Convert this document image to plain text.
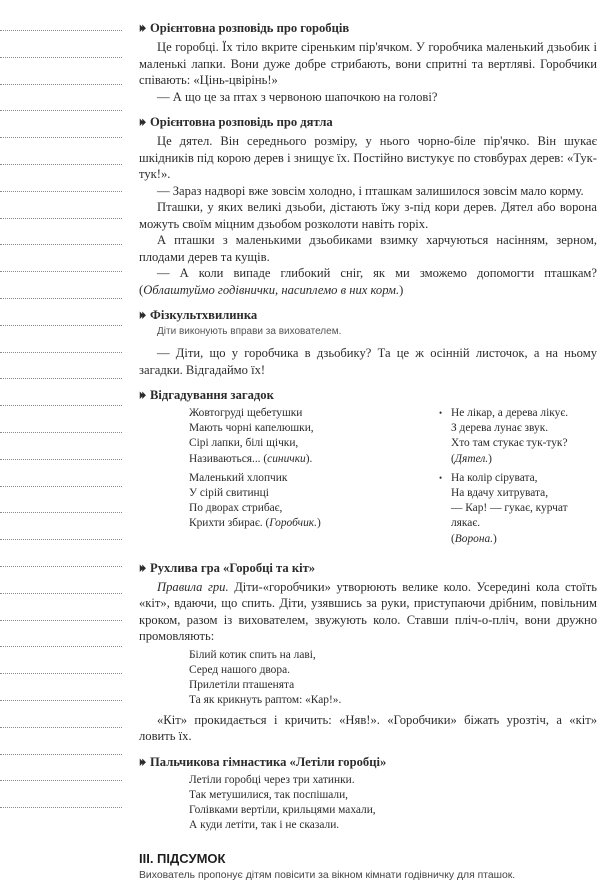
⏵⏵ Орієнтовна розповідь про горобців

Це горобці. Їх тіло вкрите сіреньким пір'ячком. У горобчика маленький дзьобик і маленькі лапки. Вони дуже добре стрибають, вони спритні та вертляві. Горобчики співають: «Цінь-цвірінь!»

— А що це за птах з червоною шапочкою на голові?

⏵⏵ Орієнтовна розповідь про дятла

Це дятел. Він середнього розміру, у нього чорно-біле пір'ячко. Він шукає шкідників під корою дерев і знищує їх. Постійно вистукує по стовбурах дерев: «Тук-тук!».

— Зараз надворі вже зовсім холодно, і пташкам залишилося зовсім мало корму.

Пташки, у яких великі дзьоби, дістають їжу з-під кори дерев. Дятел або ворона можуть своїм міцним дзьобом розколоти навіть горіх.

А пташки з маленькими дзьобиками взимку харчуються насінням, зерном, плодами дерев та кущів.

— А коли випаде глибокий сніг, як ми зможемо допомогти пташкам? (Облаштуймо годівнички, насиплемо в них корм.)

⏵⏵ Фізкультхвилинка
Діти виконують вправи за вихователем.

— Діти, що у горобчика в дзьобику? Та це ж осінній листочок, а на ньому загадки. Відгадаймо їх!

⏵⏵ Відгадування загадок
Жовтогруді щебетушки
Мають чорні капелюшки,
Сірі лапки, білі щічки,
Називаються... (синички).
Маленький хлопчик
У сірій свитинці
По дворах стрибає,
Крихти збирає. (Горобчик.)
• Не лікар, а дерева лікує.
З дерева лунає звук.
Хто там стукає тук-тук? (Дятел.)
• На колір сірувата,
На вдачу хитрувата,
— Кар! — гукає, курчат лякає.
(Ворона.)
⏵⏵ Рухлива гра «Горобці та кіт»

Правила гри. Діти-«горобчики» утворюють велике коло. Усередині кола стоїть «кіт», вдаючи, що спить. Діти, узявшись за руки, приступаючи дрібним, повільним кроком, разом із вихователем, звужують коло. Ставши пліч-о-пліч, вони дружно промовляють:

Білий котик спить на лаві,
Серед нашого двора.
Прилетіли пташенята
Та як крикнуть раптом: «Кар!».

«Кіт» прокидається і кричить: «Няв!». «Горобчики» біжать урозтіч, а «кіт» ловить їх.

⏵⏵ Пальчикова гімнастика «Летіли горобці»
Летіли горобці через три хатинки.
Так метушилися, так поспішали,
Голівками вертіли, крильцями махали,
А куди летіти, так і не сказали.
III. ПІДСУМОК
Вихователь пропонує дітям повісити за вікном кімнати годівничку для пташок.
